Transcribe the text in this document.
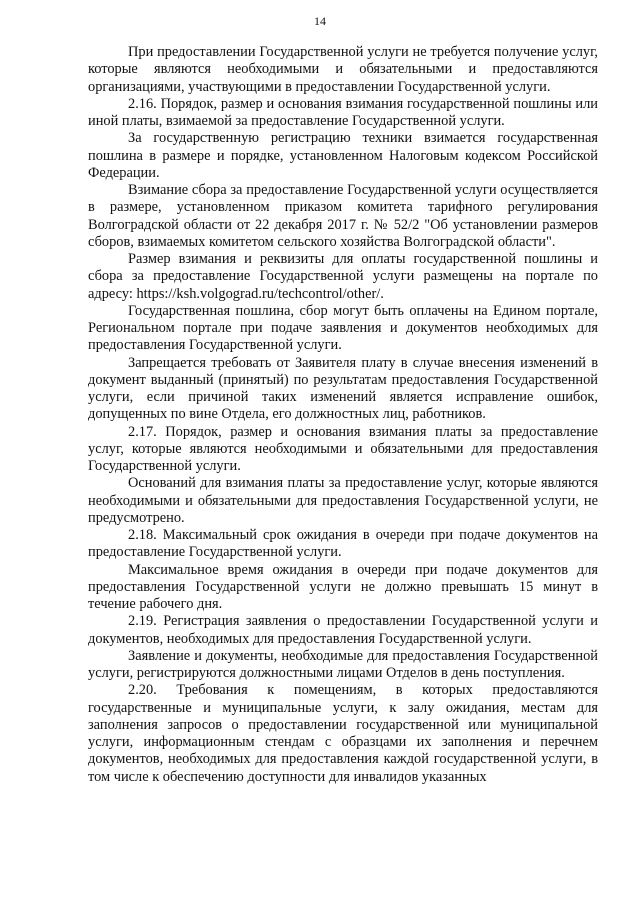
14

При предоставлении Государственной услуги не требуется получение услуг, которые являются необходимыми и обязательными и предоставляются организациями, участвующими в предоставлении Государственной услуги.

2.16. Порядок, размер и основания взимания государственной пошлины или иной платы, взимаемой за предоставление Государственной услуги.

За государственную регистрацию техники взимается государственная пошлина в размере и порядке, установленном Налоговым кодексом Российской Федерации.

Взимание сбора за предоставление Государственной услуги осуществляется в размере, установленном приказом комитета тарифного регулирования Волгоградской области от 22 декабря 2017 г. № 52/2 "Об установлении размеров сборов, взимаемых комитетом сельского хозяйства Волгоградской области".

Размер взимания и реквизиты для оплаты государственной пошлины и сбора за предоставление Государственной услуги размещены на портале по адресу: https://ksh.volgograd.ru/techcontrol/other/.

Государственная пошлина, сбор могут быть оплачены на Едином портале, Региональном портале при подаче заявления и документов необходимых для предоставления Государственной услуги.

Запрещается требовать от Заявителя плату в случае внесения изменений в документ выданный (принятый) по результатам предоставления Государственной услуги, если причиной таких изменений является исправление ошибок, допущенных по вине Отдела, его должностных лиц, работников.

2.17. Порядок, размер и основания взимания платы за предоставление услуг, которые являются необходимыми и обязательными для предоставления Государственной услуги.

Оснований для взимания платы за предоставление услуг, которые являются необходимыми и обязательными для предоставления Государственной услуги, не предусмотрено.

2.18. Максимальный срок ожидания в очереди при подаче документов на предоставление Государственной услуги.

Максимальное время ожидания в очереди при подаче документов для предоставления Государственной услуги не должно превышать 15 минут в течение рабочего дня.

2.19. Регистрация заявления о предоставлении Государственной услуги и документов, необходимых для предоставления Государственной услуги.

Заявление и документы, необходимые для предоставления Государственной услуги, регистрируются должностными лицами Отделов в день поступления.

2.20. Требования к помещениям, в которых предоставляются государственные и муниципальные услуги, к залу ожидания, местам для заполнения запросов о предоставлении государственной или муниципальной услуги, информационным стендам с образцами их заполнения и перечнем документов, необходимых для предоставления каждой государственной услуги, в том числе к обеспечению доступности для инвалидов указанных
